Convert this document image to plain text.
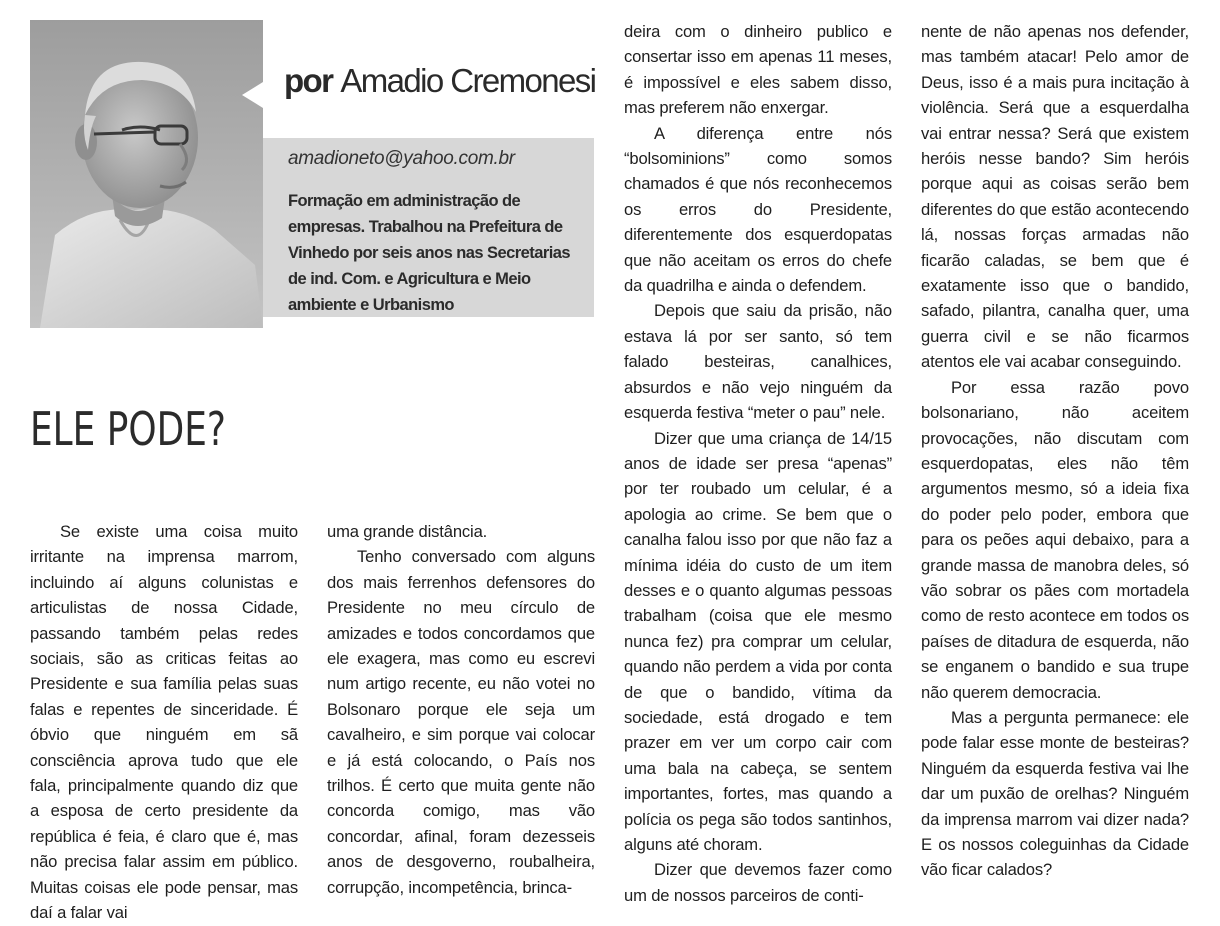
por Amadio Cremonesi
amadioneto@yahoo.com.br
Formação em administração de empresas. Trabalhou na Prefeitura de Vinhedo por seis anos nas Secretarias de ind. Com. e Agricultura e Meio ambiente e Urbanismo
ELE PODE?

Se existe uma coisa muito irritante na imprensa marrom, incluindo aí alguns colunistas e articulistas de nossa Cidade, passando também pelas redes sociais, são as criticas feitas ao Presidente e sua família pelas suas falas e repentes de sinceridade. É óbvio que ninguém em sã consciência aprova tudo que ele fala, principalmente quando diz que a esposa de certo presidente da república é feia, é claro que é, mas não precisa falar assim em público. Muitas coisas ele pode pensar, mas daí a falar vai

uma grande distância.

Tenho conversado com alguns dos mais ferrenhos defensores do Presidente no meu círculo de amizades e todos concordamos que ele exagera, mas como eu escrevi num artigo recente, eu não votei no Bolsonaro porque ele seja um cavalheiro, e sim porque vai colocar e já está colocando, o País nos trilhos. É certo que muita gente não concorda comigo, mas vão concordar, afinal, foram dezesseis anos de desgoverno, roubalheira, corrupção, incompetência, brinca-

deira com o dinheiro publico e consertar isso em apenas 11 meses, é impossível e eles sabem disso, mas preferem não enxergar.

A diferença entre nós “bolsominions” como somos chamados é que nós reconhecemos os erros do Presidente, diferentemente dos esquerdopatas que não aceitam os erros do chefe da quadrilha e ainda o defendem.

Depois que saiu da prisão, não estava lá por ser santo, só tem falado besteiras, canalhices, absurdos e não vejo ninguém da esquerda festiva “meter o pau” nele.

Dizer que uma criança de 14/15 anos de idade ser presa “apenas” por ter roubado um celular, é a apologia ao crime. Se bem que o canalha falou isso por que não faz a mínima idéia do custo de um item desses e o quanto algumas pessoas trabalham (coisa que ele mesmo nunca fez) pra comprar um celular, quando não perdem a vida por conta de que o bandido, vítima da sociedade, está drogado e tem prazer em ver um corpo cair com uma bala na cabeça, se sentem importantes, fortes, mas quando a polícia os pega são todos santinhos, alguns até choram.

Dizer que devemos fazer como um de nossos parceiros de conti-

nente de não apenas nos defender, mas também atacar! Pelo amor de Deus, isso é a mais pura incitação à violência. Será que a esquerdalha vai entrar nessa? Será que existem heróis nesse bando? Sim heróis porque aqui as coisas serão bem diferentes do que estão acontecendo lá, nossas forças armadas não ficarão caladas, se bem que é exatamente isso que o bandido, safado, pilantra, canalha quer, uma guerra civil e se não ficarmos atentos ele vai acabar conseguindo.

Por essa razão povo bolsonariano, não aceitem provocações, não discutam com esquerdopatas, eles não têm argumentos mesmo, só a ideia fixa do poder pelo poder, embora que para os peões aqui debaixo, para a grande massa de manobra deles, só vão sobrar os pães com mortadela como de resto acontece em todos os países de ditadura de esquerda, não se enganem o bandido e sua trupe não querem democracia.

Mas a pergunta permanece: ele pode falar esse monte de besteiras? Ninguém da esquerda festiva vai lhe dar um puxão de orelhas? Ninguém da imprensa marrom vai dizer nada? E os nossos coleguinhas da Cidade vão ficar calados?
